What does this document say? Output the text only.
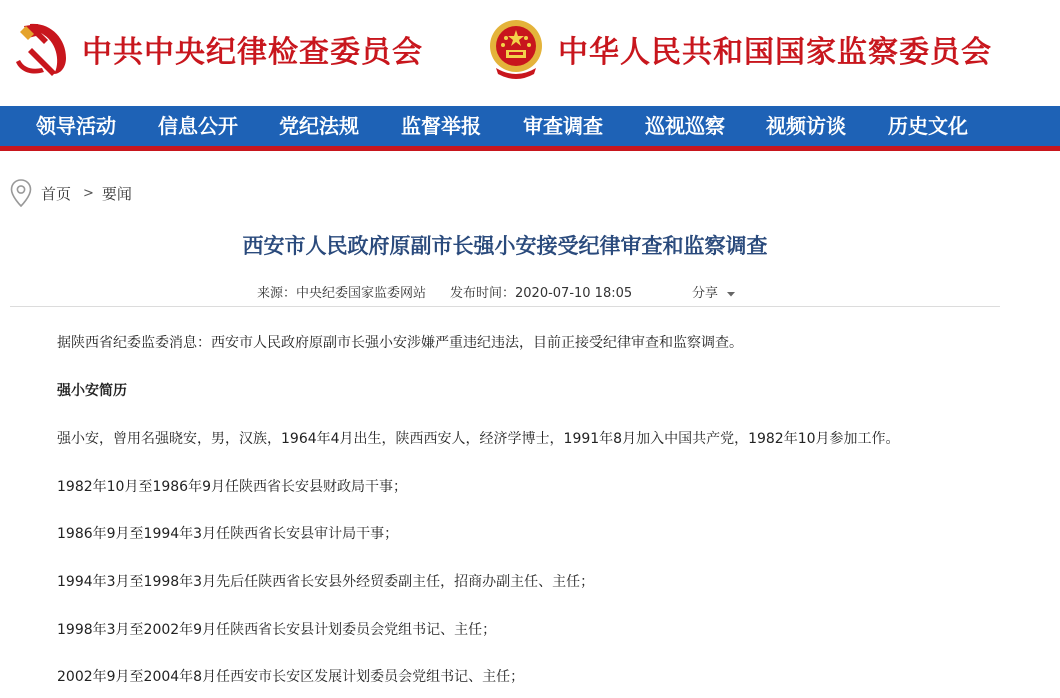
中共中央纪律检查委员会	中华人民共和国国家监察委员会
领导活动 信息公开 党纪法规 监督举报 审查调查 巡视巡察 视频访谈 历史文化
首页 > 要闻
西安市人民政府原副市长强小安接受纪律审查和监察调查
来源：中央纪委国家监委网站 发布时间：2020-07-10 18:05	分享
据陕西省纪委监委消息：西安市人民政府原副市长强小安涉嫌严重违纪违法，目前正接受纪律审查和监察调查。
强小安简历
强小安，曾用名强晓安，男，汉族，1964年4月出生，陕西西安人，经济学博士，1991年8月加入中国共产党，1982年10月参加工作。
1982年10月至1986年9月任陕西省长安县财政局干事；
1986年9月至1994年3月任陕西省长安县审计局干事；
1994年3月至1998年3月先后任陕西省长安县外经贸委副主任，招商办副主任、主任；
1998年3月至2002年9月任陕西省长安县计划委员会党组书记、主任；
2002年9月至2004年8月任西安市长安区发展计划委员会党组书记、主任；
